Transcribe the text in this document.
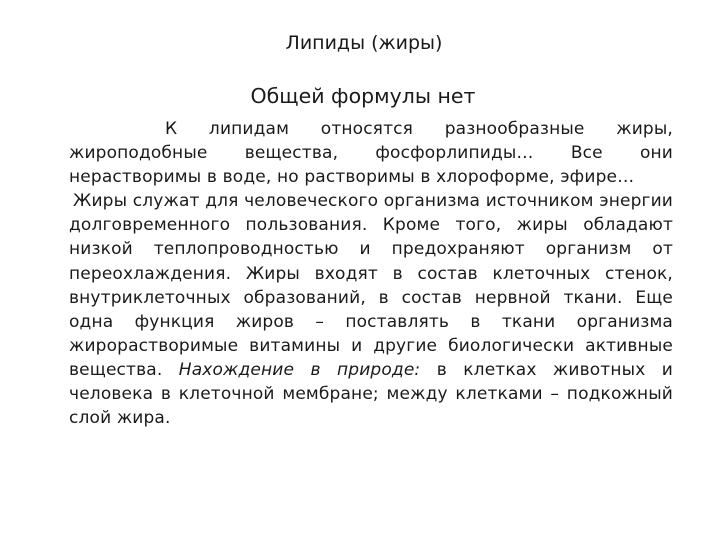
Липиды (жиры)
Общей формулы нет

К липидам относятся разнообразные жиры, жироподобные вещества, фосфорлипиды… Все они нерастворимы в воде, но растворимы в хлороформе, эфире…

Жиры служат для человеческого организма источником энергии долговременного пользования. Кроме того, жиры обладают низкой теплопроводностью и предохраняют организм от переохлаждения. Жиры входят в состав клеточных стенок, внутриклеточных образований, в состав нервной ткани. Еще одна функция жиров – поставлять в ткани организма жирорастворимые витамины и другие биологически активные вещества. Нахождение в природе: в клетках животных и человека в клеточной мембране; между клетками – подкожный слой жира.
